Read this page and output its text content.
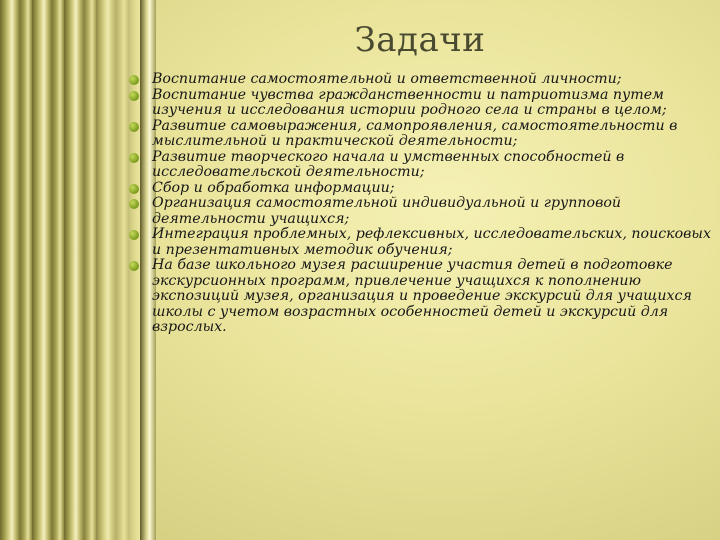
Задачи
Воспитание самостоятельной и ответственной личности;
Воспитание чувства гражданственности и патриотизма путем изучения и исследования истории родного села и страны в целом;
Развитие самовыражения, самопроявления, самостоятельности в мыслительной и практической деятельности;
Развитие творческого начала и умственных способностей в исследовательской деятельности;
Сбор и обработка информации;
Организация самостоятельной индивидуальной и групповой деятельности учащихся;
Интеграция проблемных, рефлексивных, исследовательских, поисковых и презентативных методик обучения;
На базе школьного музея расширение участия детей в подготовке экскурсионных программ, привлечение учащихся к пополнению экспозиций музея, организация и проведение экскурсий для учащихся школы с учетом возрастных особенностей детей и экскурсий для взрослых.
